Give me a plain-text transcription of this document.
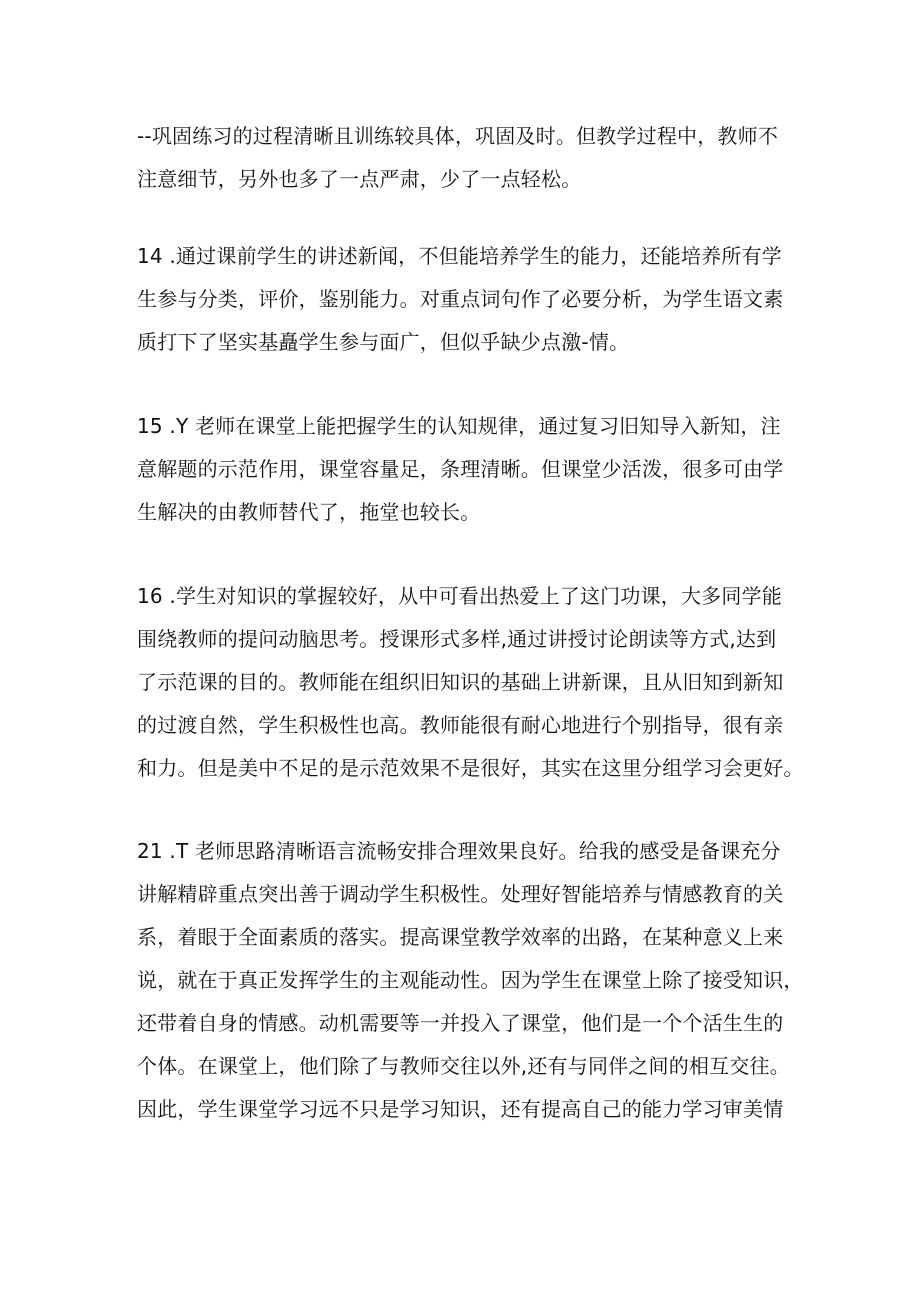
--巩固练习的过程清晰且训练较具体，巩固及时。但教学过程中，教师不
注意细节，另外也多了一点严肃，少了一点轻松。
14 .通过课前学生的讲述新闻，不但能培养学生的能力，还能培养所有学
生参与分类，评价，鉴别能力。对重点词句作了必要分析，为学生语文素
质打下了坚实基矗学生参与面广，但似乎缺少点激-情。
15 .Y 老师在课堂上能把握学生的认知规律，通过复习旧知导入新知，注
意解题的示范作用，课堂容量足，条理清晰。但课堂少活泼，很多可由学
生解决的由教师替代了，拖堂也较长。
16 .学生对知识的掌握较好，从中可看出热爱上了这门功课，大多同学能
围绕教师的提问动脑思考。授课形式多样,通过讲授讨论朗读等方式,达到
了示范课的目的。教师能在组织旧知识的基础上讲新课，且从旧知到新知
的过渡自然，学生积极性也高。教师能很有耐心地进行个别指导，很有亲
和力。但是美中不足的是示范效果不是很好，其实在这里分组学习会更好。
21 .T 老师思路清晰语言流畅安排合理效果良好。给我的感受是备课充分
讲解精辟重点突出善于调动学生积极性。处理好智能培养与情感教育的关
系，着眼于全面素质的落实。提高课堂教学效率的出路，在某种意义上来
说，就在于真正发挥学生的主观能动性。因为学生在课堂上除了接受知识，
还带着自身的情感。动机需要等一并投入了课堂，他们是一个个活生生的
个体。在课堂上，他们除了与教师交往以外,还有与同伴之间的相互交往。
因此，学生课堂学习远不只是学习知识，还有提高自己的能力学习审美情
